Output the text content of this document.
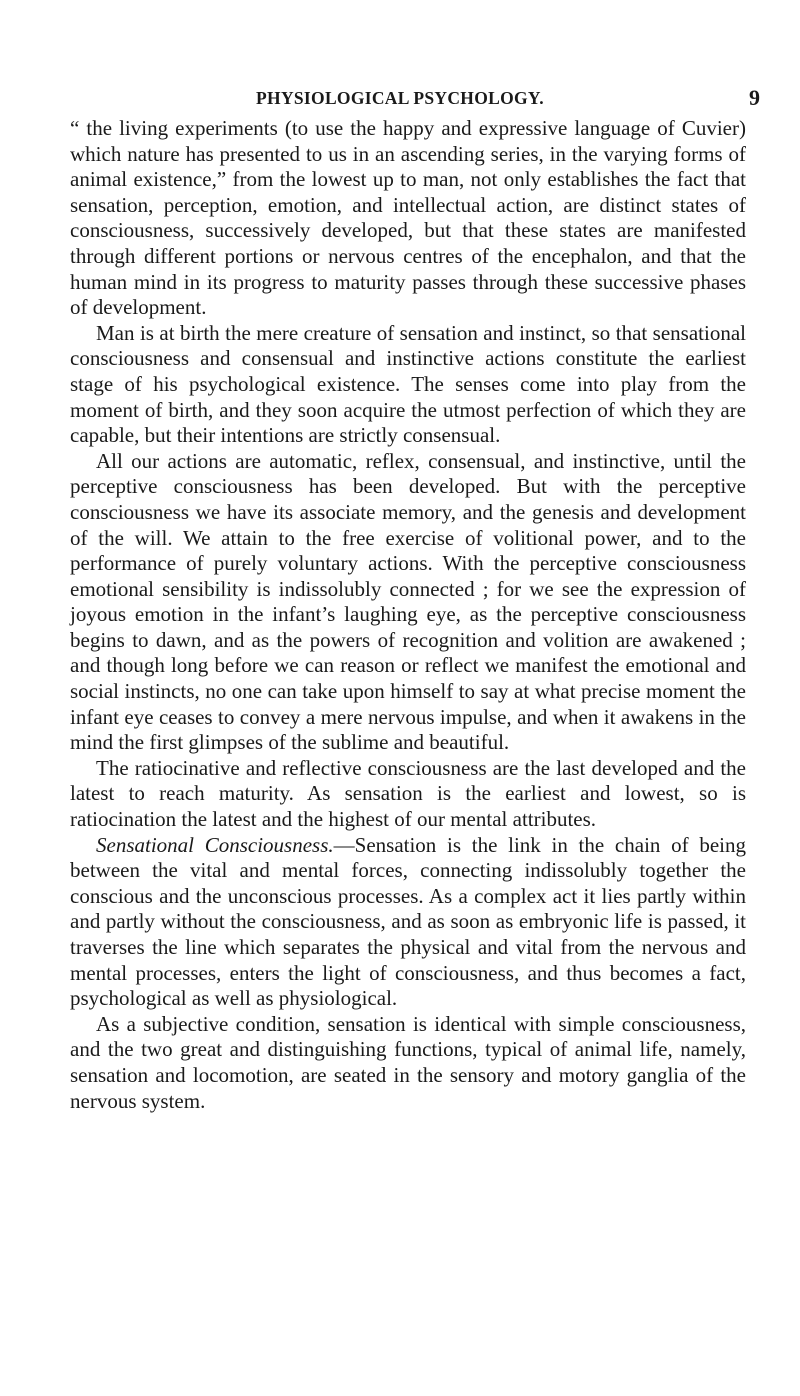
PHYSIOLOGICAL PSYCHOLOGY.	9

“ the living experiments (to use the happy and expressive language of Cuvier) which nature has presented to us in an ascending series, in the varying forms of animal existence,” from the lowest up to man, not only establishes the fact that sensation, perception, emotion, and intellectual action, are distinct states of consciousness, successively developed, but that these states are manifested through different portions or nervous centres of the encephalon, and that the human mind in its progress to maturity passes through these successive phases of development.

Man is at birth the mere creature of sensation and instinct, so that sensational consciousness and consensual and instinctive actions constitute the earliest stage of his psychological existence. The senses come into play from the moment of birth, and they soon acquire the utmost perfection of which they are capable, but their intentions are strictly consensual.

All our actions are automatic, reflex, consensual, and instinctive, until the perceptive consciousness has been developed. But with the perceptive consciousness we have its associate memory, and the genesis and development of the will. We attain to the free exercise of volitional power, and to the performance of purely voluntary actions. With the perceptive consciousness emotional sensibility is indissolubly connected ; for we see the expression of joyous emotion in the infant’s laughing eye, as the perceptive consciousness begins to dawn, and as the powers of recognition and volition are awakened ; and though long before we can reason or reflect we manifest the emotional and social instincts, no one can take upon himself to say at what precise moment the infant eye ceases to convey a mere nervous impulse, and when it awakens in the mind the first glimpses of the sublime and beautiful.

The ratiocinative and reflective consciousness are the last developed and the latest to reach maturity. As sensation is the earliest and lowest, so is ratiocination the latest and the highest of our mental attributes.

Sensational Consciousness.—Sensation is the link in the chain of being between the vital and mental forces, connecting indissolubly together the conscious and the unconscious processes. As a complex act it lies partly within and partly without the consciousness, and as soon as embryonic life is passed, it traverses the line which separates the physical and vital from the nervous and mental processes, enters the light of consciousness, and thus becomes a fact, psychological as well as physiological.

As a subjective condition, sensation is identical with simple consciousness, and the two great and distinguishing functions, typical of animal life, namely, sensation and locomotion, are seated in the sensory and motory ganglia of the nervous system.
